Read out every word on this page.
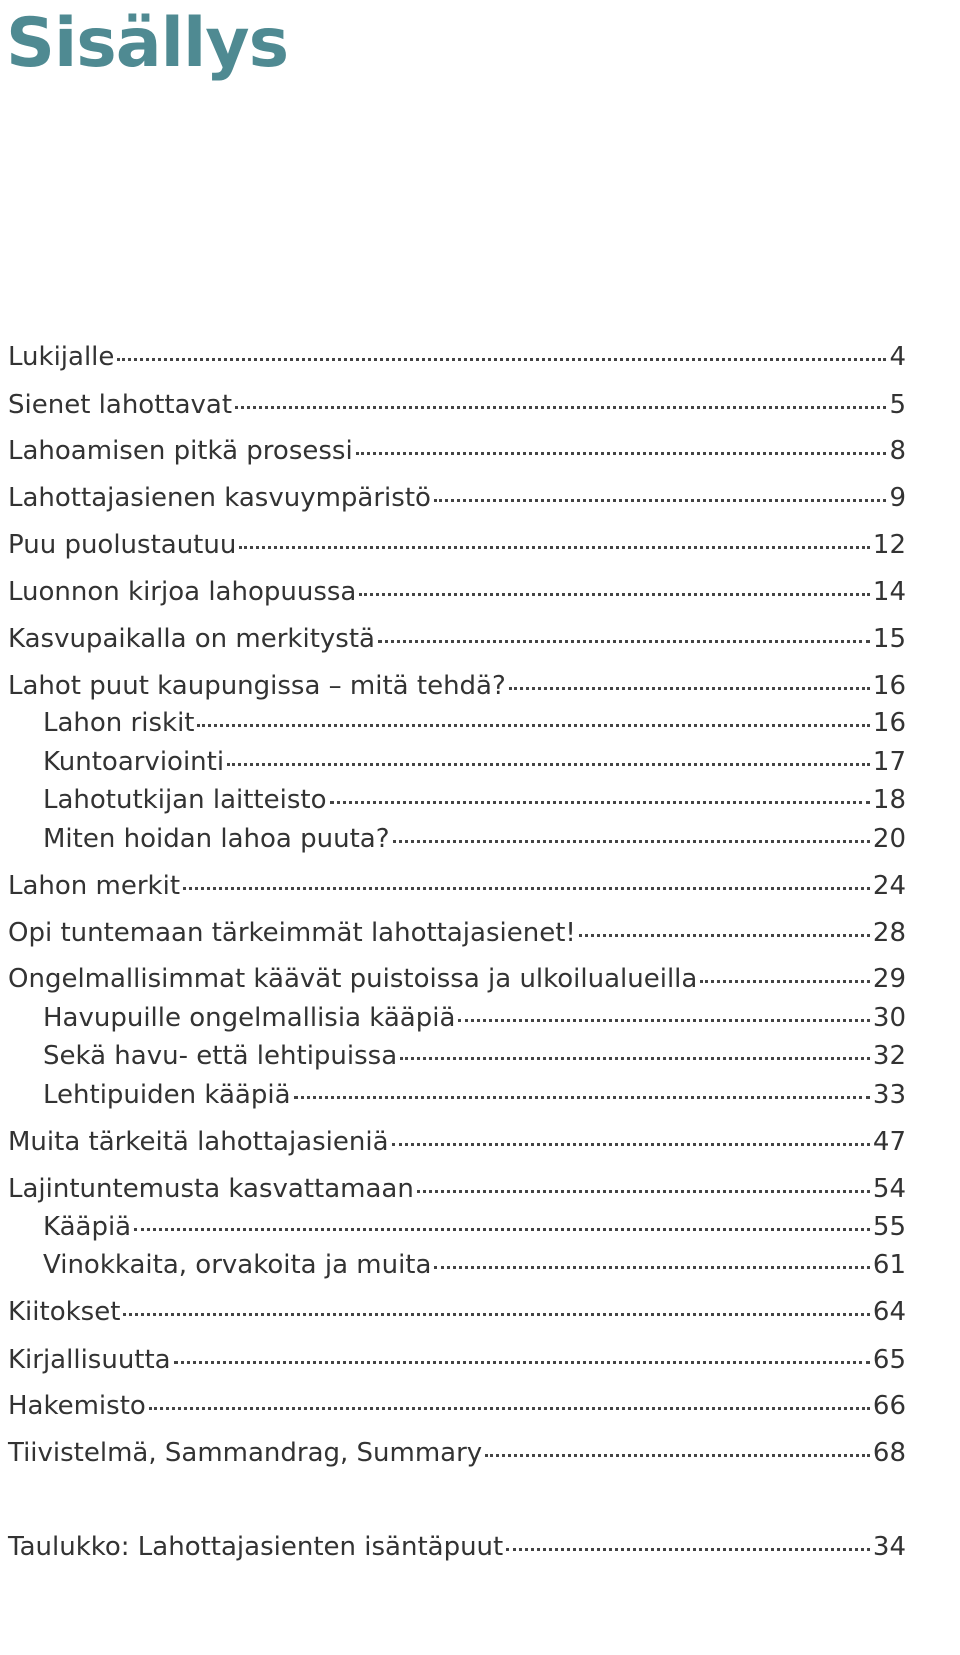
Sisällys
Lukijalle	4
Sienet lahottavat	5
Lahoamisen pitkä prosessi	8
Lahottajasienen kasvuympäristö	9
Puu puolustautuu	12
Luonnon kirjoa lahopuussa	14
Kasvupaikalla on merkitystä	15
Lahot puut kaupungissa – mitä tehdä?	16
Lahon riskit	16
Kuntoarviointi	17
Lahotutkijan laitteisto	18
Miten hoidan lahoa puuta?	20
Lahon merkit	24
Opi tuntemaan tärkeimmät lahottajasienet!	28
Ongelmallisimmat käävät puistoissa ja ulkoilualueilla	29
Havupuille ongelmallisia kääpiä	30
Sekä havu- että lehtipuissa	32
Lehtipuiden kääpiä	33
Muita tärkeitä lahottajasieniä	47
Lajintuntemusta kasvattamaan	54
Kääpiä	55
Vinokkaita, orvakoita ja muita	61
Kiitokset	64
Kirjallisuutta	65
Hakemisto	66
Tiivistelmä, Sammandrag, Summary	68
Taulukko: Lahottajasienten isäntäpuut	34
